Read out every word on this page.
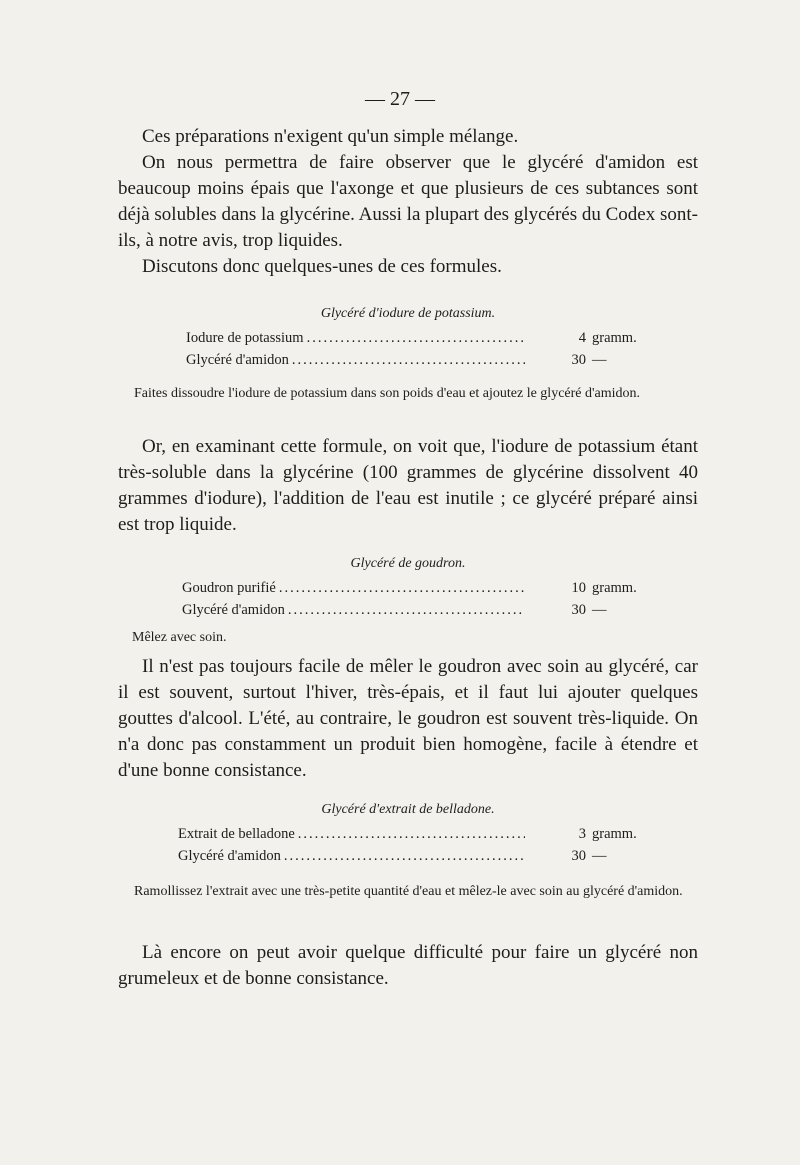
— 27 —

Ces préparations n'exigent qu'un simple mélange.

On nous permettra de faire observer que le glycéré d'amidon est beaucoup moins épais que l'axonge et que plusieurs de ces subtances sont déjà solubles dans la glycérine. Aussi la plupart des glycérés du Codex sont-ils, à notre avis, trop liquides.

Discutons donc quelques-unes de ces formules.

Glycéré d'iodure de potassium.

Iodure de potassium .....	4 gramm.
Glycéré d'amidon .....	30 —

Faites dissoudre l'iodure de potassium dans son poids d'eau et ajoutez le glycéré d'amidon.

Or, en examinant cette formule, on voit que, l'iodure de potassium étant très-soluble dans la glycérine (100 grammes de glycérine dissolvent 40 grammes d'iodure), l'addition de l'eau est inutile ; ce glycéré préparé ainsi est trop liquide.

Glycéré de goudron.

Goudron purifié .....	10 gramm.
Glycéré d'amidon .....	30 —

Mêlez avec soin.

Il n'est pas toujours facile de mêler le goudron avec soin au glycéré, car il est souvent, surtout l'hiver, très-épais, et il faut lui ajouter quelques gouttes d'alcool. L'été, au contraire, le goudron est souvent très-liquide. On n'a donc pas constamment un produit bien homogène, facile à étendre et d'une bonne consistance.

Glycéré d'extrait de belladone.

Extrait de belladone .....	3 gramm.
Glycéré d'amidon .....	30 —

Ramollissez l'extrait avec une très-petite quantité d'eau et mêlez-le avec soin au glycéré d'amidon.

Là encore on peut avoir quelque difficulté pour faire un glycéré non grumeleux et de bonne consistance.
